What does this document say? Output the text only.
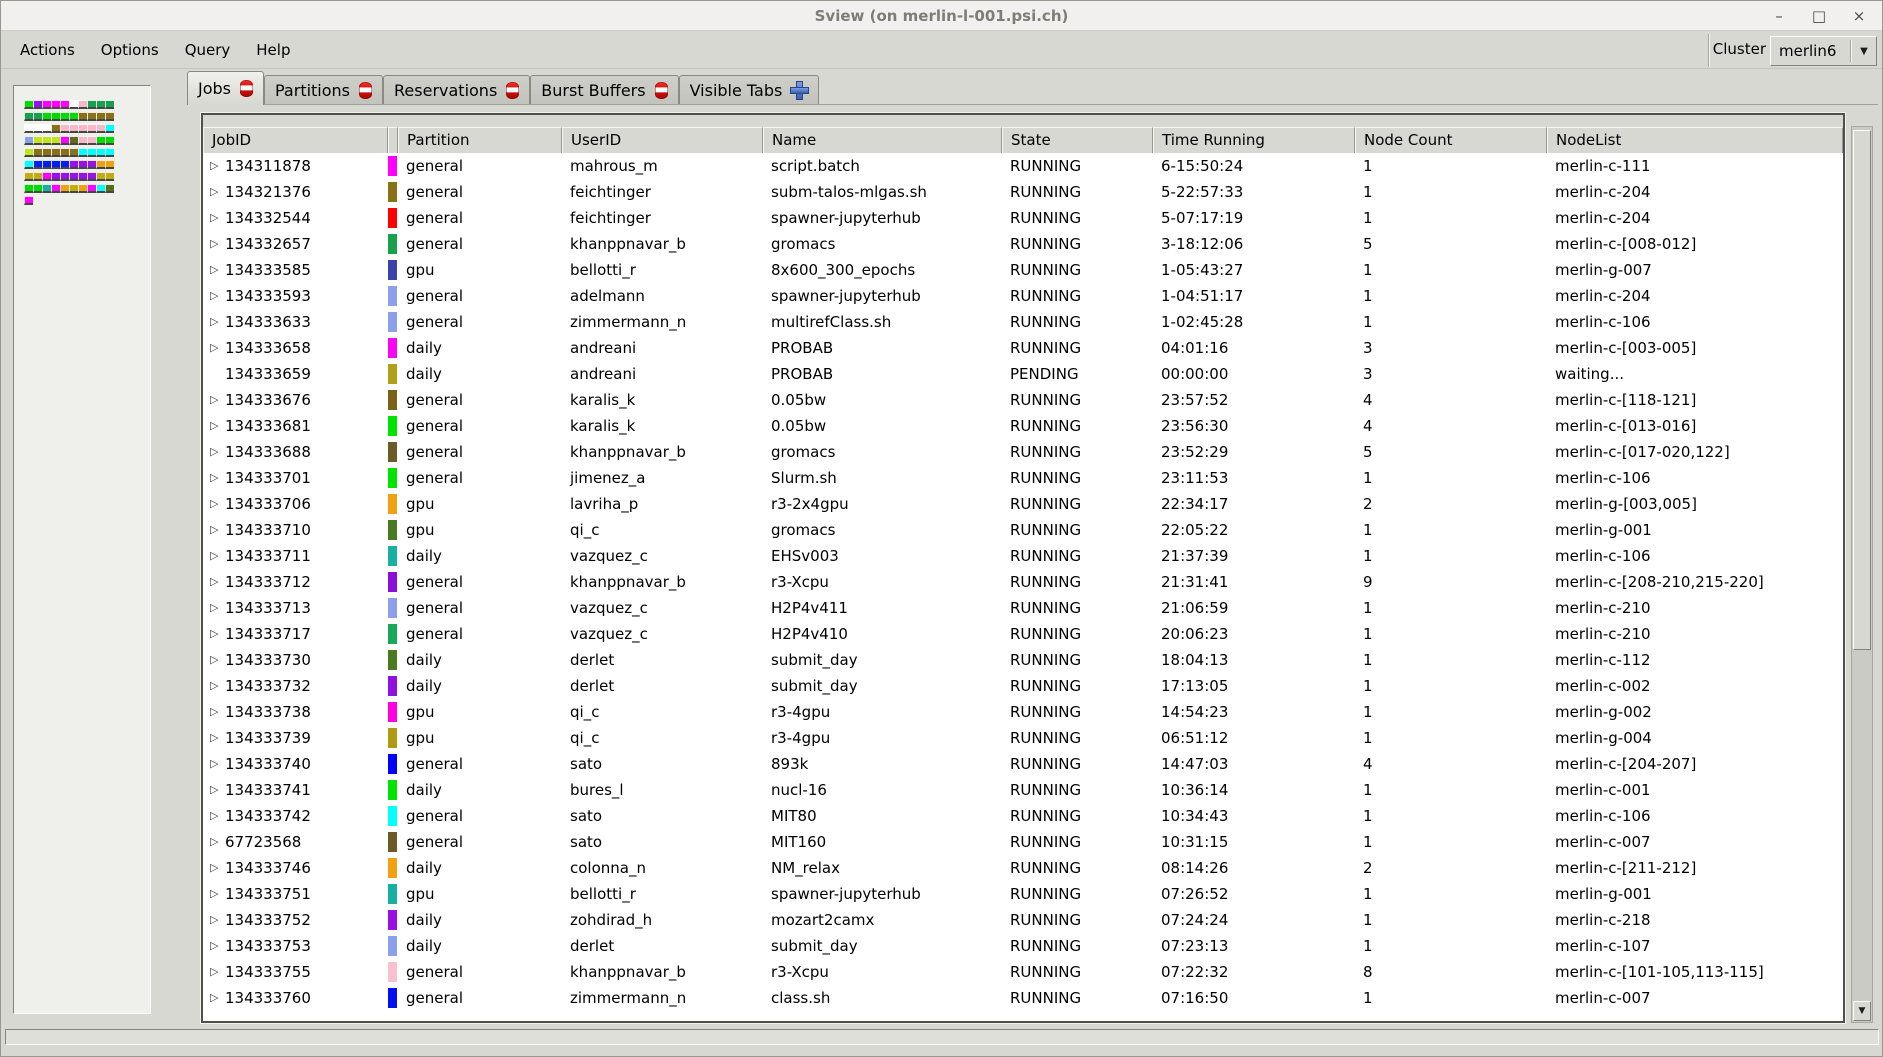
Sview (on merlin-l-001.psi.ch)	–	□ ×
Actions	Options	Query	Help	Cluster merlin6	▼
Jobs	Partitions	Reservations	Burst Buffers	Visible Tabs
JobID	Partition	UserID	Name	State	Time Running	Node Count	NodeList
▷ 134311878	general	mahrous_m	script.batch	RUNNING	6-15:50:24	1	merlin-c-111
▷ 134321376	general	feichtinger	subm-talos-mlgas.sh	RUNNING	5-22:57:33	1	merlin-c-204
▷ 134332544	general	feichtinger	spawner-jupyterhub	RUNNING	5-07:17:19	1	merlin-c-204
▷ 134332657	general	khanppnavar_b	gromacs	RUNNING	3-18:12:06	5	merlin-c-[008-012]
▷ 134333585	gpu	bellotti_r	8x600_300_epochs	RUNNING	1-05:43:27	1	merlin-g-007
▷ 134333593	general	adelmann	spawner-jupyterhub	RUNNING	1-04:51:17	1	merlin-c-204
▷ 134333633	general	zimmermann_n	multirefClass.sh	RUNNING	1-02:45:28	1	merlin-c-106
▷ 134333658	daily	andreani	PROBAB	RUNNING	04:01:16	3	merlin-c-[003-005]
134333659	daily	andreani	PROBAB	PENDING	00:00:00	3	waiting...
▷ 134333676	general	karalis_k	0.05bw	RUNNING	23:57:52	4	merlin-c-[118-121]
▷ 134333681	general	karalis_k	0.05bw	RUNNING	23:56:30	4	merlin-c-[013-016]
▷ 134333688	general	khanppnavar_b	gromacs	RUNNING	23:52:29	5	merlin-c-[017-020,122]
▷ 134333701	general	jimenez_a	Slurm.sh	RUNNING	23:11:53	1	merlin-c-106
▷ 134333706	gpu	lavriha_p	r3-2x4gpu	RUNNING	22:34:17	2	merlin-g-[003,005]
▷ 134333710	gpu	qi_c	gromacs	RUNNING	22:05:22	1	merlin-g-001
▷ 134333711	daily	vazquez_c	EHSv003	RUNNING	21:37:39	1	merlin-c-106
▷ 134333712	general	khanppnavar_b	r3-Xcpu	RUNNING	21:31:41	9	merlin-c-[208-210,215-220]
▷ 134333713	general	vazquez_c	H2P4v411	RUNNING	21:06:59	1	merlin-c-210
▷ 134333717	general	vazquez_c	H2P4v410	RUNNING	20:06:23	1	merlin-c-210
▷ 134333730	daily	derlet	submit_day	RUNNING	18:04:13	1	merlin-c-112
▷ 134333732	daily	derlet	submit_day	RUNNING	17:13:05	1	merlin-c-002
▷ 134333738	gpu	qi_c	r3-4gpu	RUNNING	14:54:23	1	merlin-g-002
▷ 134333739	gpu	qi_c	r3-4gpu	RUNNING	06:51:12	1	merlin-g-004
▷ 134333740	general	sato	893k	RUNNING	14:47:03	4	merlin-c-[204-207]
▷ 134333741	daily	bures_l	nucl-16	RUNNING	10:36:14	1	merlin-c-001
▷ 134333742	general	sato	MIT80	RUNNING	10:34:43	1	merlin-c-106
▷ 67723568	general	sato	MIT160	RUNNING	10:31:15	1	merlin-c-007
▷ 134333746	daily	colonna_n	NM_relax	RUNNING	08:14:26	2	merlin-c-[211-212]
▷ 134333751	gpu	bellotti_r	spawner-jupyterhub	RUNNING	07:26:52	1	merlin-g-001
▷ 134333752	daily	zohdirad_h	mozart2camx	RUNNING	07:24:24	1	merlin-c-218
▷ 134333753	daily	derlet	submit_day	RUNNING	07:23:13	1	merlin-c-107
▷ 134333755	general	khanppnavar_b	r3-Xcpu	RUNNING	07:22:32	8	merlin-c-[101-105,113-115]
▷ 134333760	general	zimmermann_n	class.sh	RUNNING	07:16:50	1	merlin-c-007
▼
